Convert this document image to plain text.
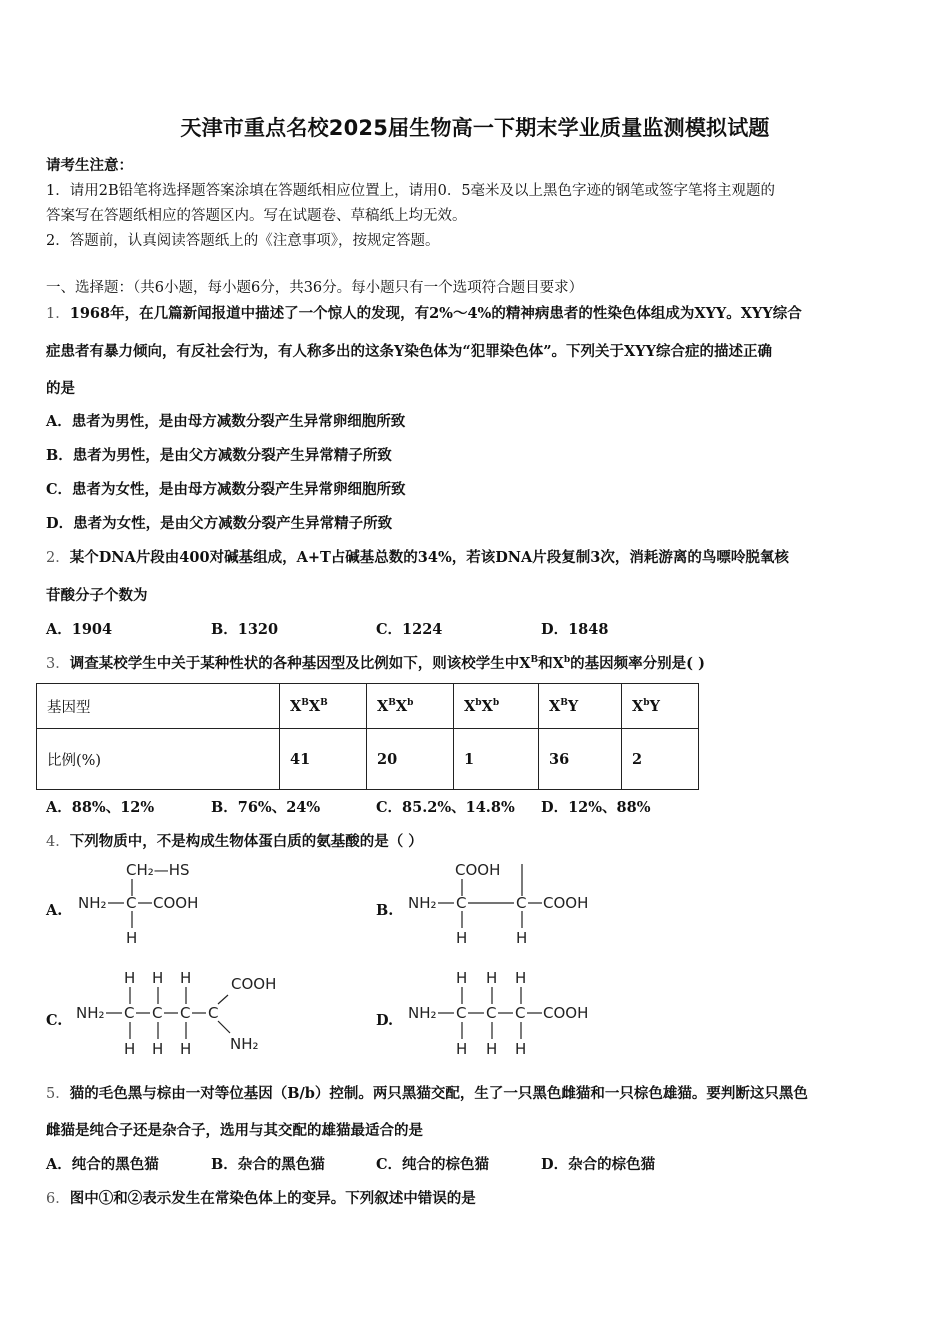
天津市重点名校2025届生物高一下期末学业质量监测模拟试题
请考生注意：
1．请用2B铅笔将选择题答案涂填在答题纸相应位置上，请用0．5毫米及以上黑色字迹的钢笔或签字笔将主观题的
答案写在答题纸相应的答题区内。写在试题卷、草稿纸上均无效。
2．答题前，认真阅读答题纸上的《注意事项》，按规定答题。
一、选择题：（共6小题，每小题6分，共36分。每小题只有一个选项符合题目要求）
1．1968年，在几篇新闻报道中描述了一个惊人的发现，有2%～4%的精神病患者的性染色体组成为XYY。XYY综合
症患者有暴力倾向，有反社会行为，有人称多出的这条Y染色体为“犯罪染色体”。下列关于XYY综合症的描述正确
的是
A．患者为男性，是由母方减数分裂产生异常卵细胞所致
B．患者为男性，是由父方减数分裂产生异常精子所致
C．患者为女性，是由母方减数分裂产生异常卵细胞所致
D．患者为女性，是由父方减数分裂产生异常精子所致
2．某个DNA片段由400对碱基组成，A+T占碱基总数的34%，若该DNA片段复制3次，消耗游离的鸟嘌呤脱氧核
苷酸分子个数为
A．1904	B．1320	C．1224	D．1848
3．调查某校学生中关于某种性状的各种基因型及比例如下，则该校学生中$X^B$和$X^b$的基因频率分别是( )
基因型	$X^BX^B$	$X^BX^b$	$X^bX^b$	$X^BY$	$X^bY$
比例(%)	41	20	1	36	2
A．88%、12%	B．76%、24%	C．85.2%、14.8% D．12%、88%
4．下列物质中，不是构成生物体蛋白质的氨基酸的是（ ）
A.
CH₂—HS
NH₂ C COOH
H
B.
COOH
NH₂ C	C COOH
H	H
C.
H H H	COOH
NH₂ C C C C
NH₂
H H H
D.
H H H
NH₂ C C C COOH
H H H
5．猫的毛色黑与棕由一对等位基因（B/b）控制。两只黑猫交配，生了一只黑色雌猫和一只棕色雄猫。要判断这只黑色
雌猫是纯合子还是杂合子，选用与其交配的雄猫最适合的是
A．纯合的黑色猫	B．杂合的黑色猫	C．纯合的棕色猫	D．杂合的棕色猫
6．图中①和②表示发生在常染色体上的变异。下列叙述中错误的是
